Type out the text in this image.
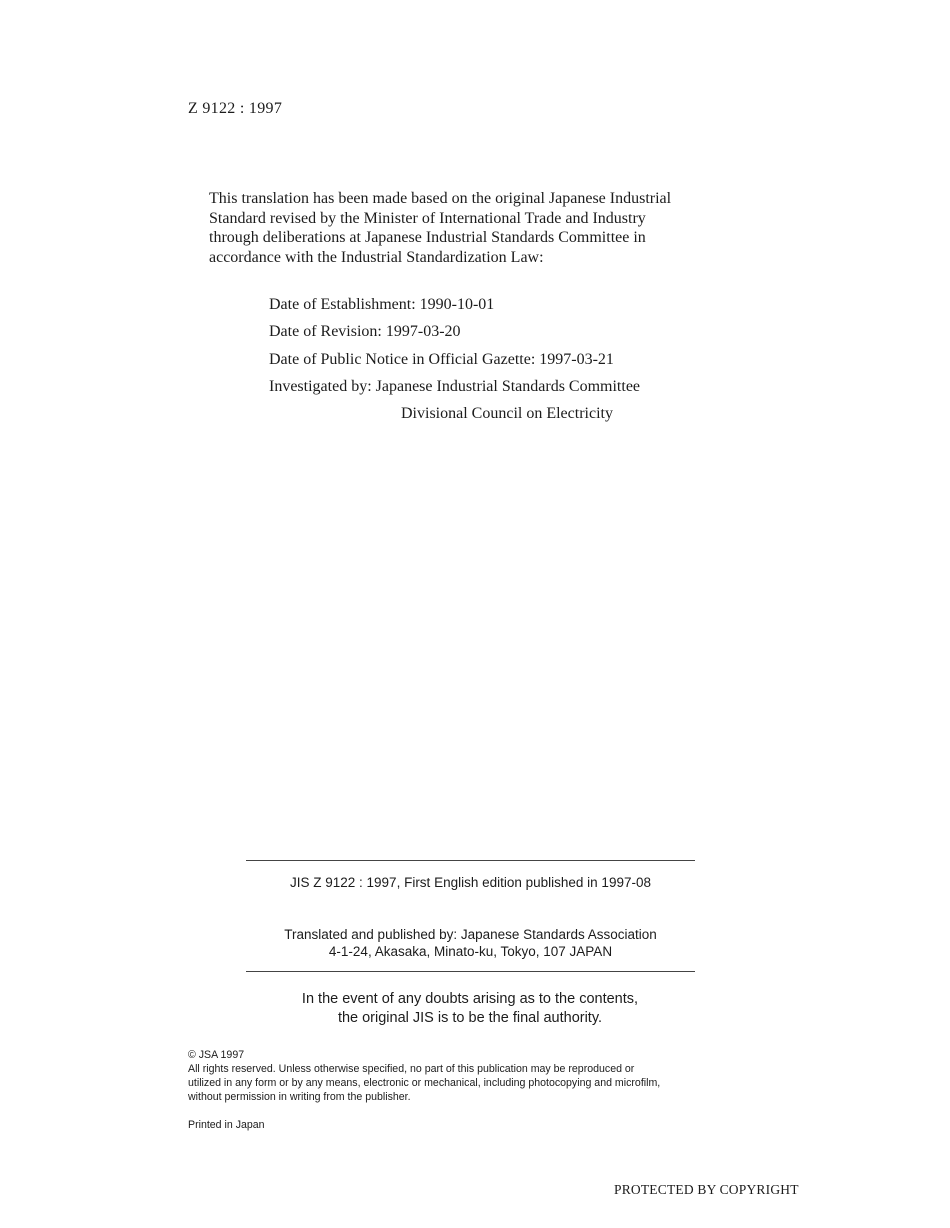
Z 9122 : 1997
This translation has been made based on the original Japanese Industrial
Standard revised by the Minister of International Trade and Industry
through deliberations at Japanese Industrial Standards Committee in
accordance with the Industrial Standardization Law:
Date of Establishment: 1990-10-01
Date of Revision: 1997-03-20
Date of Public Notice in Official Gazette: 1997-03-21
Investigated by: Japanese Industrial Standards Committee
Divisional Council on Electricity
JIS Z 9122 : 1997, First English edition published in 1997-08
Translated and published by: Japanese Standards Association
4-1-24, Akasaka, Minato-ku, Tokyo, 107 JAPAN
In the event of any doubts arising as to the contents,
the original JIS is to be the final authority.
© JSA 1997
All rights reserved. Unless otherwise specified, no part of this publication may be reproduced or
utilized in any form or by any means, electronic or mechanical, including photocopying and microfilm,
without permission in writing from the publisher.
Printed in Japan
PROTECTED BY COPYRIGHT
